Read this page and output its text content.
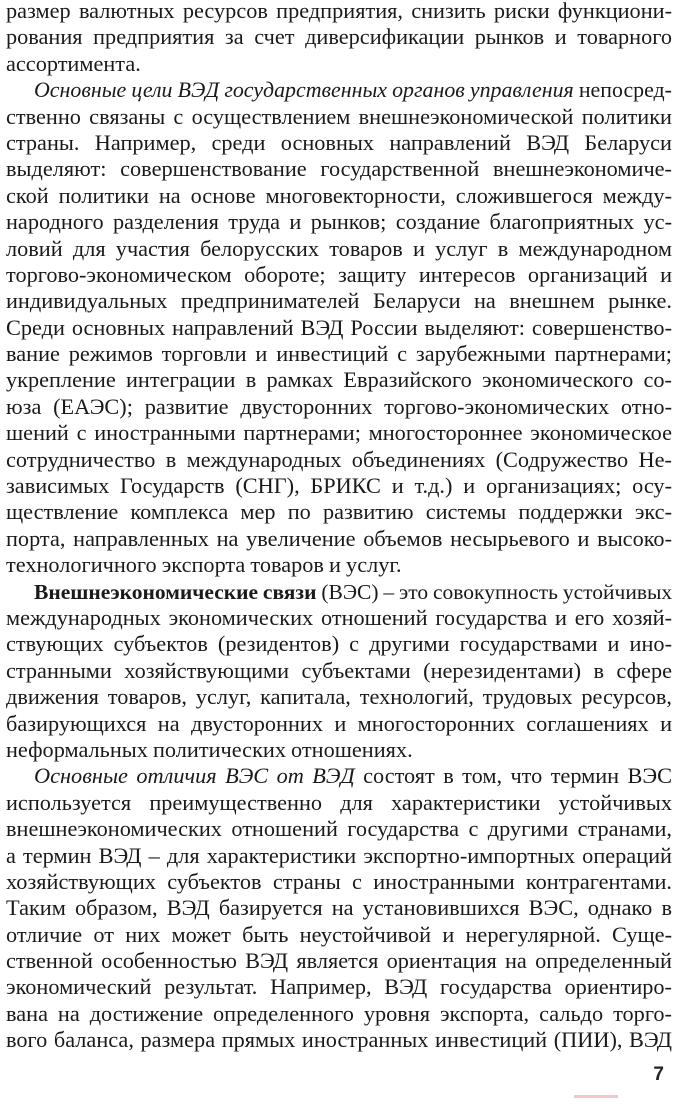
размер валютных ресурсов предприятия, снизить риски функциони-
рования предприятия за счет диверсификации рынков и товарного
ассортимента.
Основные цели ВЭД государственных органов управления непосред-
ственно связаны с осуществлением внешнеэкономической политики
страны. Например, среди основных направлений ВЭД Беларуси
выделяют: совершенствование государственной внешнеэкономиче-
ской политики на основе многовекторности, сложившегося между-
народного разделения труда и рынков; создание благоприятных ус-
ловий для участия белорусских товаров и услуг в международном
торгово-экономическом обороте; защиту интересов организаций и
индивидуальных предпринимателей Беларуси на внешнем рынке.
Среди основных направлений ВЭД России выделяют: совершенство-
вание режимов торговли и инвестиций с зарубежными партнерами;
укрепление интеграции в рамках Евразийского экономического со-
юза (ЕАЭС); развитие двусторонних торгово-экономических отно-
шений с иностранными партнерами; многостороннее экономическое
сотрудничество в международных объединениях (Содружество Не-
зависимых Государств (СНГ), БРИКС и т.д.) и организациях; осу-
ществление комплекса мер по развитию системы поддержки экс-
порта, направленных на увеличение объемов несырьевого и высоко-
технологичного экспорта товаров и услуг.
Внешнеэкономические связи (ВЭС) – это совокупность устойчивых
международных экономических отношений государства и его хозяй-
ствующих субъектов (резидентов) с другими государствами и ино-
странными хозяйствующими субъектами (нерезидентами) в сфере
движения товаров, услуг, капитала, технологий, трудовых ресурсов,
базирующихся на двусторонних и многосторонних соглашениях и
неформальных политических отношениях.
Основные отличия ВЭС от ВЭД состоят в том, что термин ВЭС
используется преимущественно для характеристики устойчивых
внешнеэкономических отношений государства с другими странами,
а термин ВЭД – для характеристики экспортно-импортных операций
хозяйствующих субъектов страны с иностранными контрагентами.
Таким образом, ВЭД базируется на установившихся ВЭС, однако в
отличие от них может быть неустойчивой и нерегулярной. Суще-
ственной особенностью ВЭД является ориентация на определенный
экономический результат. Например, ВЭД государства ориентиро-
вана на достижение определенного уровня экспорта, сальдо торго-
вого баланса, размера прямых иностранных инвестиций (ПИИ), ВЭД
7
